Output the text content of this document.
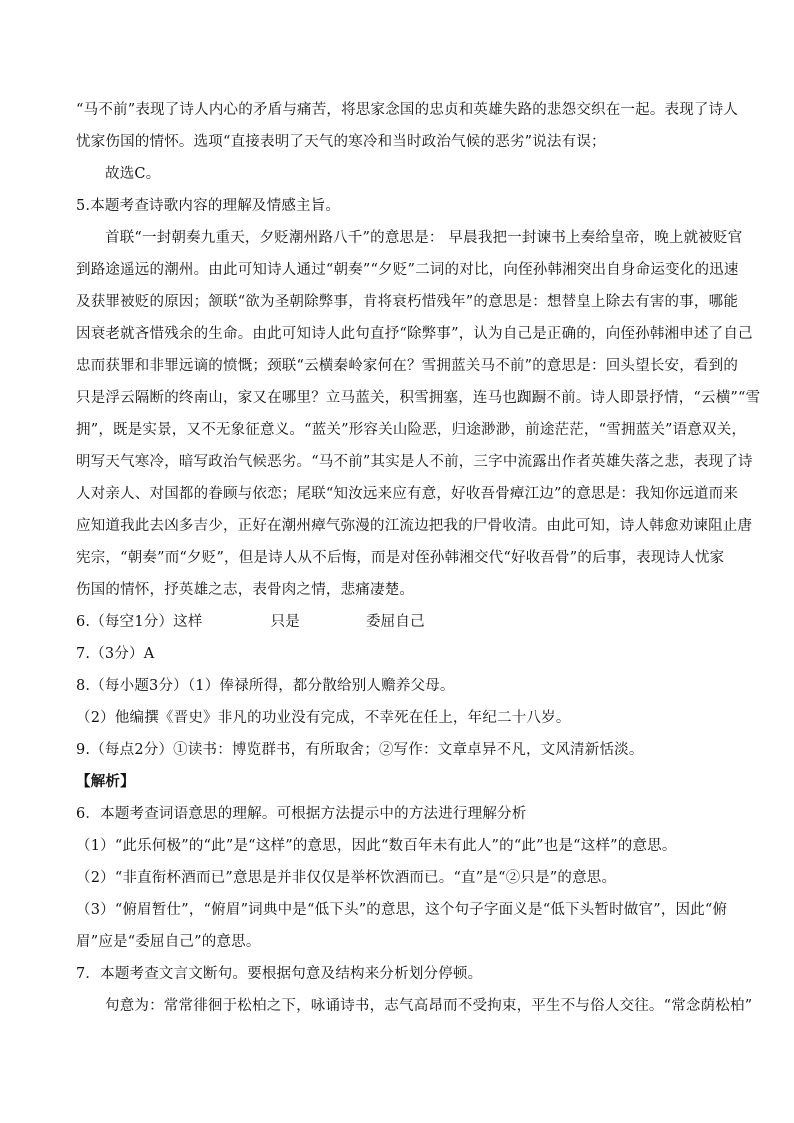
“马不前”表现了诗人内心的矛盾与痛苦，将思家念国的忠贞和英雄失路的悲怨交织在一起。表现了诗人
忧家伤国的情怀。选项“直接表明了天气的寒冷和当时政治气候的恶劣”说法有误；
故选C。
5.本题考查诗歌内容的理解及情感主旨。
首联“一封朝奏九重天，夕贬潮州路八千”的意思是： 早晨我把一封谏书上奏给皇帝，晚上就被贬官
到路途遥远的潮州。由此可知诗人通过“朝奏”“夕贬”二词的对比，向侄孙韩湘突出自身命运变化的迅速
及获罪被贬的原因；颔联“欲为圣朝除弊事，肯将衰朽惜残年”的意思是：想替皇上除去有害的事，哪能
因衰老就吝惜残余的生命。由此可知诗人此句直抒“除弊事”，认为自己是正确的，向侄孙韩湘申述了自己
忠而获罪和非罪远谪的愤慨；颈联“云横秦岭家何在？雪拥蓝关马不前”的意思是：回头望长安，看到的
只是浮云隔断的终南山，家又在哪里？立马蓝关，积雪拥塞，连马也踟蹰不前。诗人即景抒情，“云横”“雪
拥”，既是实景，又不无象征意义。“蓝关”形容关山险恶，归途渺渺，前途茫茫，“雪拥蓝关”语意双关，
明写天气寒冷，暗写政治气候恶劣。“马不前”其实是人不前，三字中流露出作者英雄失落之悲，表现了诗
人对亲人、对国都的眷顾与依恋；尾联“知汝远来应有意，好收吾骨瘴江边”的意思是：我知你远道而来
应知道我此去凶多吉少，正好在潮州瘴气弥漫的江流边把我的尸骨收清。由此可知，诗人韩愈劝谏阻止唐
宪宗，“朝奏”而“夕贬”，但是诗人从不后悔，而是对侄孙韩湘交代“好收吾骨”的后事，表现诗人忧家
伤国的情怀，抒英雄之志，表骨肉之情，悲痛凄楚。
6.（每空1分）这样	只是	委屈自己
7.（3分）A
8.（每小题3分）（1）俸禄所得，都分散给别人赡养父母。
（2）他编撰《晋史》非凡的功业没有完成，不幸死在任上，年纪二十八岁。
9.（每点2分）①读书：博览群书，有所取舍；②写作：文章卓异不凡，文风清新恬淡。
【解析】
6．本题考查词语意思的理解。可根据方法提示中的方法进行理解分析
（1）“此乐何极”的“此”是“这样”的意思，因此“数百年未有此人”的“此”也是“这样”的意思。
（2）“非直衔杯酒而已”意思是并非仅仅是举杯饮酒而已。“直”是“②只是”的意思。
（3）“俯眉暂仕”，“俯眉”词典中是“低下头”的意思，这个句子字面义是“低下头暂时做官”，因此“俯
眉”应是“委屈自己”的意思。
7．本题考查文言文断句。要根据句意及结构来分析划分停顿。
句意为：常常徘徊于松柏之下，咏诵诗书，志气高昂而不受拘束，平生不与俗人交往。“常念荫松柏”
